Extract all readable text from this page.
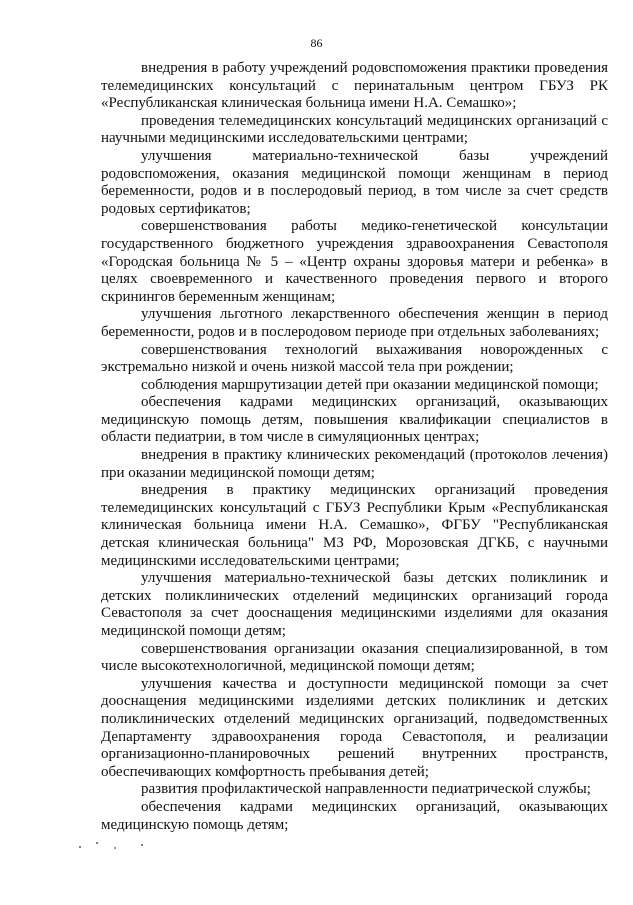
86

внедрения в работу учреждений родовспоможения практики проведения телемедицинских консультаций с перинатальным центром ГБУЗ РК «Республиканская клиническая больница имени Н.А. Семашко»;

проведения телемедицинских консультаций медицинских организаций с научными медицинскими исследовательскими центрами;

улучшения материально-технической базы учреждений родовспоможения, оказания медицинской помощи женщинам в период беременности, родов и в послеродовый период, в том числе за счет средств родовых сертификатов;

совершенствования работы медико-генетической консультации государственного бюджетного учреждения здравоохранения Севастополя «Городская больница № 5 – «Центр охраны здоровья матери и ребенка» в целях своевременного и качественного проведения первого и второго скринингов беременным женщинам;

улучшения льготного лекарственного обеспечения женщин в период беременности, родов и в послеродовом периоде при отдельных заболеваниях;

совершенствования технологий выхаживания новорожденных с экстремально низкой и очень низкой массой тела при рождении;

соблюдения маршрутизации детей при оказании медицинской помощи;

обеспечения кадрами медицинских организаций, оказывающих медицинскую помощь детям, повышения квалификации специалистов в области педиатрии, в том числе в симуляционных центрах;

внедрения в практику клинических рекомендаций (протоколов лечения) при оказании медицинской помощи детям;

внедрения в практику медицинских организаций проведения телемедицинских консультаций с ГБУЗ Республики Крым «Республиканская клиническая больница имени Н.А. Семашко», ФГБУ "Республиканская детская клиническая больница" МЗ РФ, Морозовская ДГКБ, с научными медицинскими исследовательскими центрами;

улучшения материально-технической базы детских поликлиник и детских поликлинических отделений медицинских организаций города Севастополя за счет дооснащения медицинскими изделиями для оказания медицинской помощи детям;

совершенствования организации оказания специализированной, в том числе высокотехнологичной, медицинской помощи детям;

улучшения качества и доступности медицинской помощи за счет дооснащения медицинскими изделиями детских поликлиник и детских поликлинических отделений медицинских организаций, подведомственных Департаменту здравоохранения города Севастополя, и реализации организационно-планировочных решений внутренних пространств, обеспечивающих комфортность пребывания детей;

развития профилактической направленности педиатрической службы;

обеспечения кадрами медицинских организаций, оказывающих медицинскую помощь детям;
